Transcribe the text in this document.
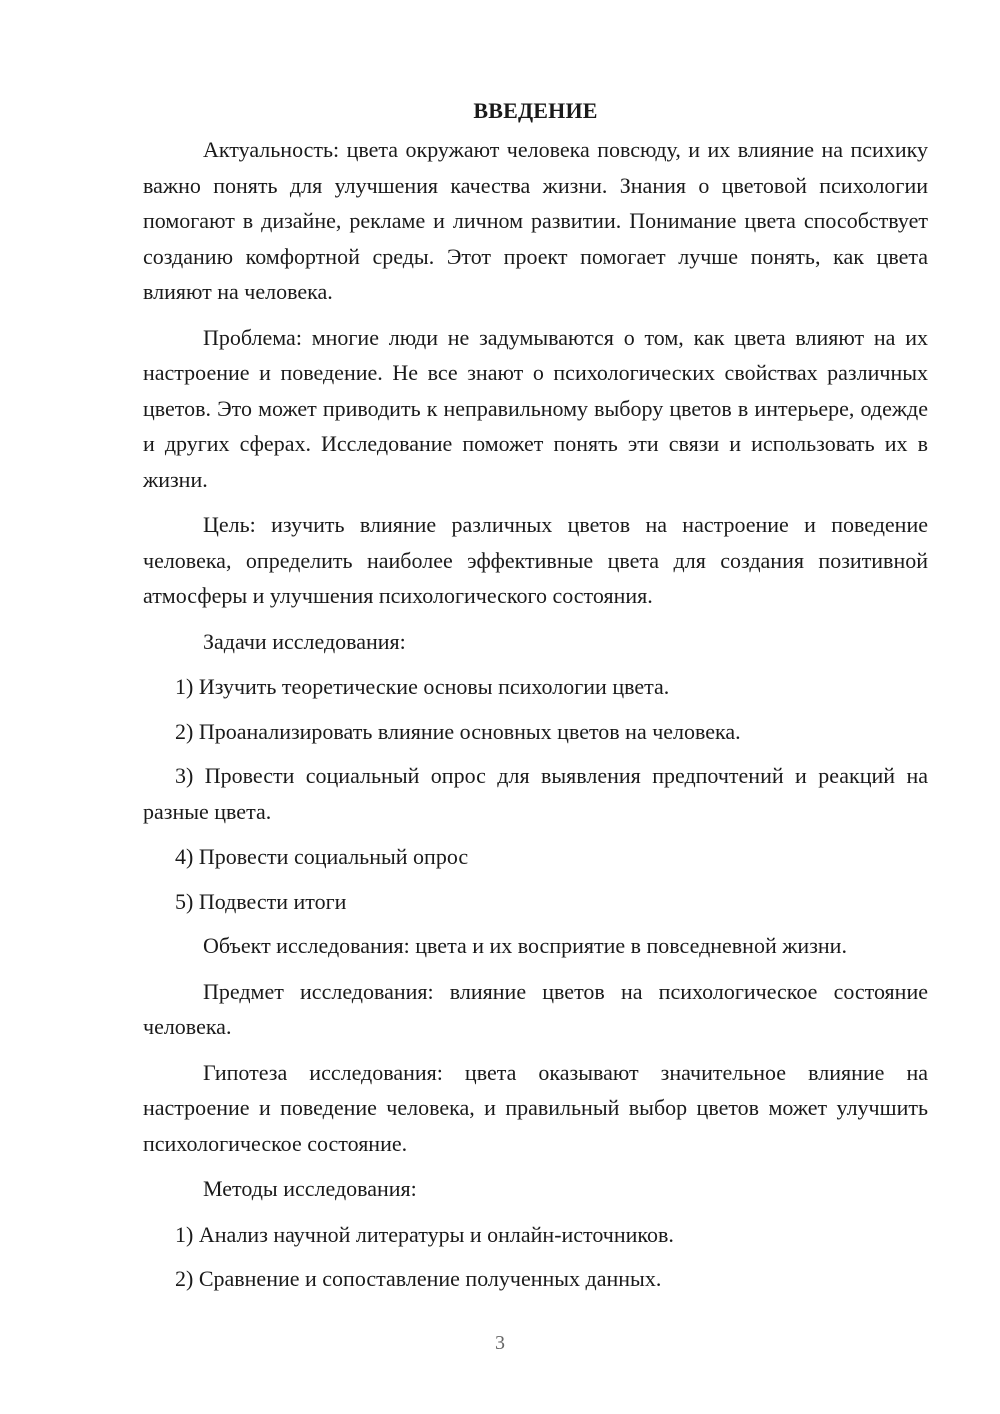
ВВЕДЕНИЕ

Актуальность: цвета окружают человека повсюду, и их влияние на психику важно понять для улучшения качества жизни. Знания о цветовой психологии помогают в дизайне, рекламе и личном развитии. Понимание цвета способствует созданию комфортной среды. Этот проект помогает лучше понять, как цвета влияют на человека.

Проблема: многие люди не задумываются о том, как цвета влияют на их настроение и поведение. Не все знают о психологических свойствах различных цветов. Это может приводить к неправильному выбору цветов в интерьере, одежде и других сферах. Исследование поможет понять эти связи и использовать их в жизни.

Цель: изучить влияние различных цветов на настроение и поведение человека, определить наиболее эффективные цвета для создания позитивной атмосферы и улучшения психологического состояния.

Задачи исследования:

1) Изучить теоретические основы психологии цвета.

2) Проанализировать влияние основных цветов на человека.

3) Провести социальный опрос для выявления предпочтений и реакций на разные цвета.

4) Провести социальный опрос

5) Подвести итоги

Объект исследования: цвета и их восприятие в повседневной жизни.

Предмет исследования: влияние цветов на психологическое состояние человека.

Гипотеза исследования: цвета оказывают значительное влияние на настроение и поведение человека, и правильный выбор цветов может улучшить психологическое состояние.

Методы исследования:

1) Анализ научной литературы и онлайн-источников.

2) Сравнение и сопоставление полученных данных.

3
